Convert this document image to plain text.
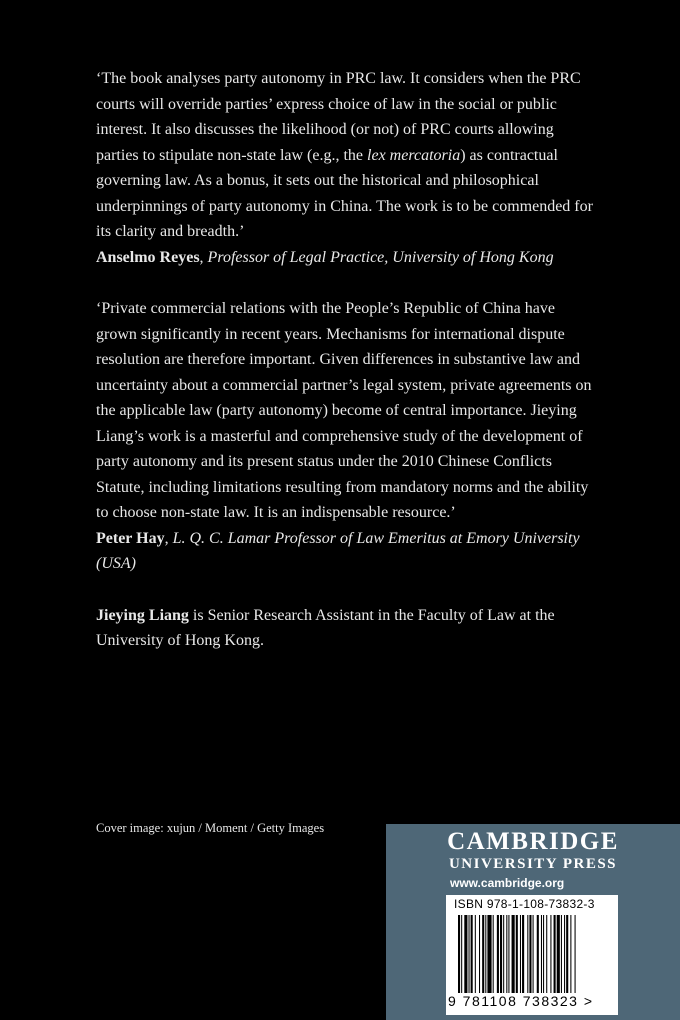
‘The book analyses party autonomy in PRC law. It considers when the PRC courts will override parties’ express choice of law in the social or public interest. It also discusses the likelihood (or not) of PRC courts allowing parties to stipulate non-state law (e.g., the lex mercatoria) as contractual governing law. As a bonus, it sets out the historical and philosophical underpinnings of party autonomy in China. The work is to be commended for its clarity and breadth.’

Anselmo Reyes, Professor of Legal Practice, University of Hong Kong

‘Private commercial relations with the People’s Republic of China have grown significantly in recent years. Mechanisms for international dispute resolution are therefore important. Given differences in substantive law and uncertainty about a commercial partner’s legal system, private agreements on the applicable law (party autonomy) become of central importance. Jieying Liang’s work is a masterful and comprehensive study of the development of party autonomy and its present status under the 2010 Chinese Conflicts Statute, including limitations resulting from mandatory norms and the ability to choose non-state law. It is an indispensable resource.’

Peter Hay, L. Q. C. Lamar Professor of Law Emeritus at Emory University (USA)

Jieying Liang is Senior Research Assistant in the Faculty of Law at the University of Hong Kong.

Cover image: xujun / Moment / Getty Images	CAMBRIDGE
UNIVERSITY PRESS
www.cambridge.org
ISBN 978-1-108-73832-3
9 781108 738323 >
